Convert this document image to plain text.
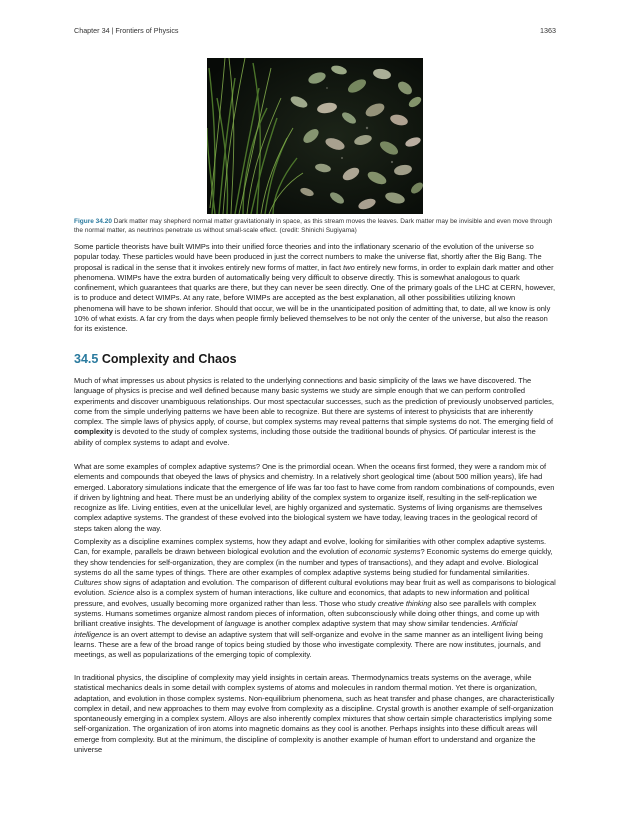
Chapter 34 | Frontiers of Physics	1363
Figure 34.20 Dark matter may shepherd normal matter gravitationally in space, as this stream moves the leaves. Dark matter may be invisible and even move through the normal matter, as neutrinos penetrate us without small-scale effect. (credit: Shinichi Sugiyama)

Some particle theorists have built WIMPs into their unified force theories and into the inflationary scenario of the evolution of the universe so popular today. These particles would have been produced in just the correct numbers to make the universe flat, shortly after the Big Bang. The proposal is radical in the sense that it invokes entirely new forms of matter, in fact two entirely new forms, in order to explain dark matter and other phenomena. WIMPs have the extra burden of automatically being very difficult to observe directly. This is somewhat analogous to quark confinement, which guarantees that quarks are there, but they can never be seen directly. One of the primary goals of the LHC at CERN, however, is to produce and detect WIMPs. At any rate, before WIMPs are accepted as the best explanation, all other possibilities utilizing known phenomena will have to be shown inferior. Should that occur, we will be in the unanticipated position of admitting that, to date, all we know is only 10% of what exists. A far cry from the days when people firmly believed themselves to be not only the center of the universe, but also the reason for its existence.

34.5 Complexity and Chaos

Much of what impresses us about physics is related to the underlying connections and basic simplicity of the laws we have discovered. The language of physics is precise and well defined because many basic systems we study are simple enough that we can perform controlled experiments and discover unambiguous relationships. Our most spectacular successes, such as the prediction of previously unobserved particles, come from the simple underlying patterns we have been able to recognize. But there are systems of interest to physicists that are inherently complex. The simple laws of physics apply, of course, but complex systems may reveal patterns that simple systems do not. The emerging field of complexity is devoted to the study of complex systems, including those outside the traditional bounds of physics. Of particular interest is the ability of complex systems to adapt and evolve.

What are some examples of complex adaptive systems? One is the primordial ocean. When the oceans first formed, they were a random mix of elements and compounds that obeyed the laws of physics and chemistry. In a relatively short geological time (about 500 million years), life had emerged. Laboratory simulations indicate that the emergence of life was far too fast to have come from random combinations of compounds, even if driven by lightning and heat. There must be an underlying ability of the complex system to organize itself, resulting in the self-replication we recognize as life. Living entities, even at the unicellular level, are highly organized and systematic. Systems of living organisms are themselves complex adaptive systems. The grandest of these evolved into the biological system we have today, leaving traces in the geological record of steps taken along the way.

Complexity as a discipline examines complex systems, how they adapt and evolve, looking for similarities with other complex adaptive systems. Can, for example, parallels be drawn between biological evolution and the evolution of economic systems? Economic systems do emerge quickly, they show tendencies for self-organization, they are complex (in the number and types of transactions), and they adapt and evolve. Biological systems do all the same types of things. There are other examples of complex adaptive systems being studied for fundamental similarities. Cultures show signs of adaptation and evolution. The comparison of different cultural evolutions may bear fruit as well as comparisons to biological evolution. Science also is a complex system of human interactions, like culture and economics, that adapts to new information and political pressure, and evolves, usually becoming more organized rather than less. Those who study creative thinking also see parallels with complex systems. Humans sometimes organize almost random pieces of information, often subconsciously while doing other things, and come up with brilliant creative insights. The development of language is another complex adaptive system that may show similar tendencies. Artificial intelligence is an overt attempt to devise an adaptive system that will self-organize and evolve in the same manner as an intelligent living being learns. These are a few of the broad range of topics being studied by those who investigate complexity. There are now institutes, journals, and meetings, as well as popularizations of the emerging topic of complexity.

In traditional physics, the discipline of complexity may yield insights in certain areas. Thermodynamics treats systems on the average, while statistical mechanics deals in some detail with complex systems of atoms and molecules in random thermal motion. Yet there is organization, adaptation, and evolution in those complex systems. Non-equilibrium phenomena, such as heat transfer and phase changes, are characteristically complex in detail, and new approaches to them may evolve from complexity as a discipline. Crystal growth is another example of self-organization spontaneously emerging in a complex system. Alloys are also inherently complex mixtures that show certain simple characteristics implying some self-organization. The organization of iron atoms into magnetic domains as they cool is another. Perhaps insights into these difficult areas will emerge from complexity. But at the minimum, the discipline of complexity is another example of human effort to understand and organize the universe
